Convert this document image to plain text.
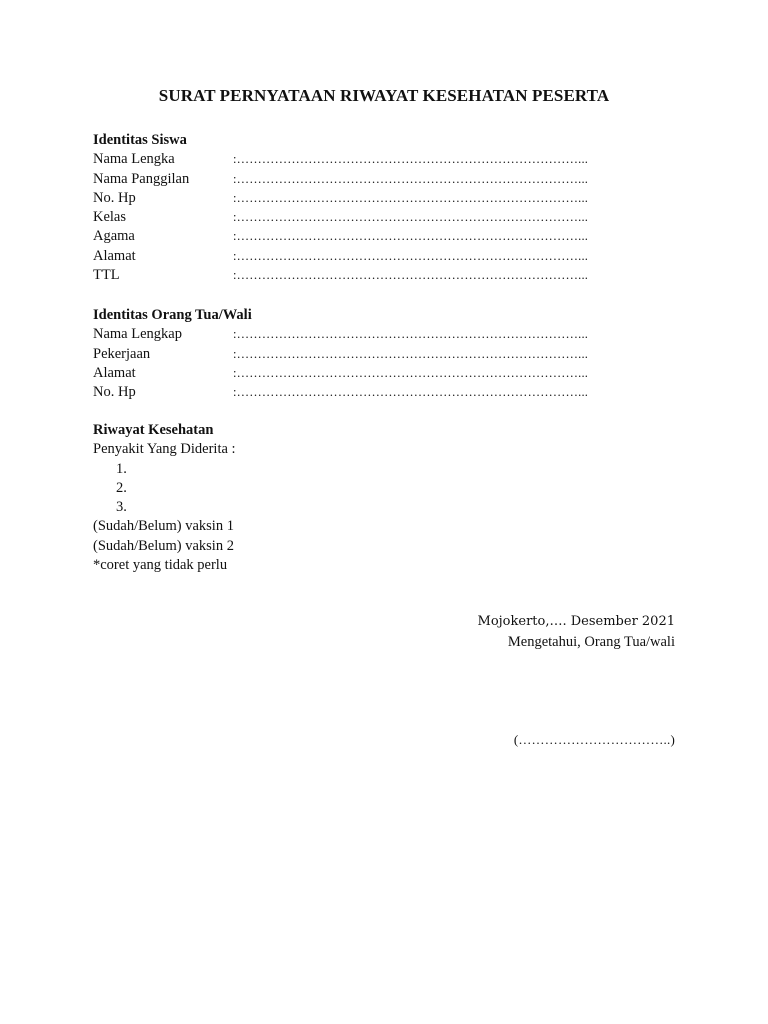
SURAT PERNYATAAN RIWAYAT KESEHATAN PESERTA
Identitas Siswa
Nama Lengka	:………………………………………………………………………...
Nama Panggilan	:………………………………………………………………………...
No. Hp	:………………………………………………………………………...
Kelas	:………………………………………………………………………...
Agama	:………………………………………………………………………...
Alamat	:………………………………………………………………………...
TTL	:………………………………………………………………………...
Identitas Orang Tua/Wali
Nama Lengkap	:………………………………………………………………………...
Pekerjaan	:………………………………………………………………………...
Alamat	:………………………………………………………………………...
No. Hp	:………………………………………………………………………...
Riwayat Kesehatan
Penyakit Yang Diderita :
1.
2.
3.
(Sudah/Belum) vaksin 1
(Sudah/Belum) vaksin 2
*coret yang tidak perlu
Mojokerto,…. Desember 2021
Mengetahui, Orang Tua/wali
(……………………………..)
